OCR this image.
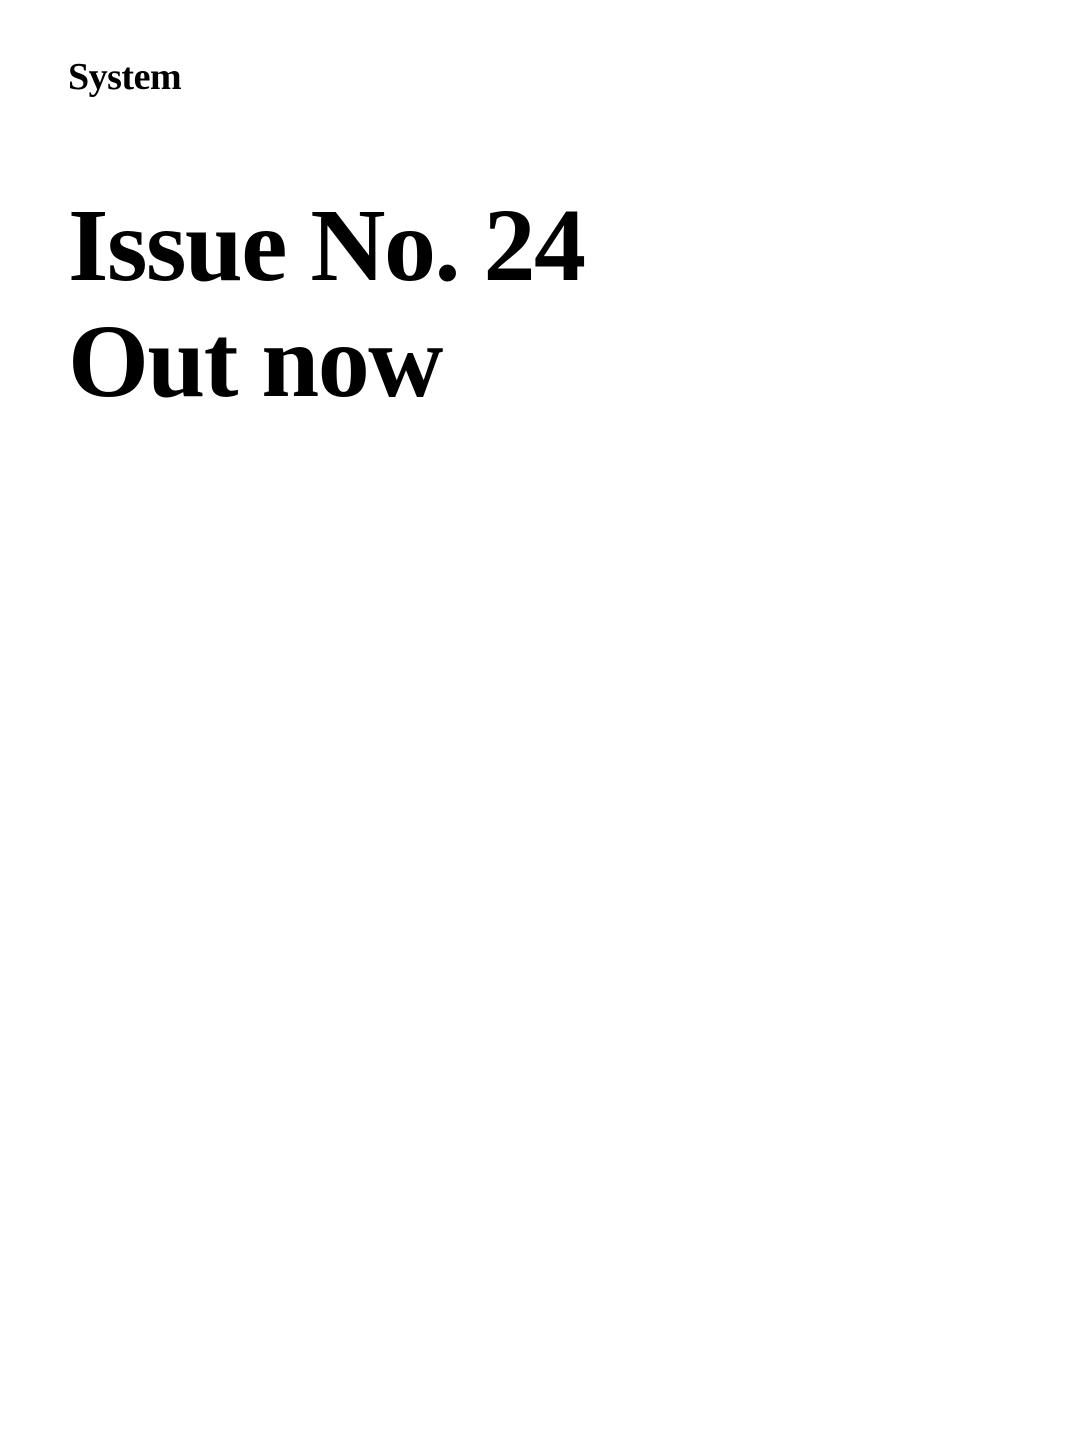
System
Issue No. 24
Out now
